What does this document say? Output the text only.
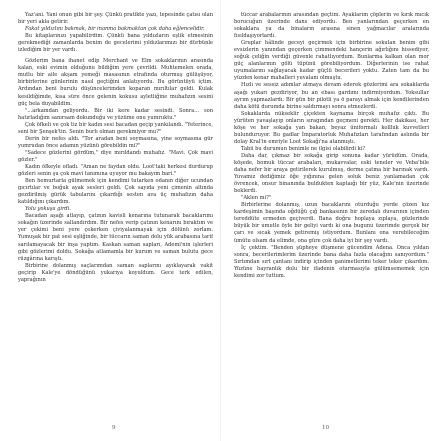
Yaz'ani. Yani onun gibi bir şey. Çünkü pratikte yazı, tepesinde çatısı olan bir yeri akla getirir.

Fakat yıldızlını bakmak, bir inanma bakmaktan çok daha eğlencelidir.

Bu kitaplarınızı yapabilirdim. Çünkü bana yıldızların eşlik etmesinin gerekmediği zamanlarda benim de gecelerimi yıldızlarımızı bir dürbünle izlediğim bir yer vardı.

Gözlerim bana ihanet edip Merchant ve Elm sokaklarının arasında kalan, eski evimin olduğunu bildiğim yere çevrildi. Muhtemelen orada, mutlu bir aile akşam yemeği masasının etrafında oturmuş gülüşüyor, birbirlerine günlerinin nasıl geçtiğini anlatıyordu. Bu görüntüyü içtim. Ardından beni burulu düşüncelerimden koparan mırıltılar geldi. Kulak kesildiğimde, kısa süre önce gelenin kokusu ayletliğine muhafızın sesini güç bela duyabildim.

"...arkamdan geliyordu. Bir iki kere kadar sesindi. Sonra... son hatırladığım sanırsam dokunduğu ve yüzüme onu yumruktu."

Çok öfkeli ve çok tiz bir kadın sesi bacadan geçip yankılandı. "Yeterince, seni bir Şenşek'tin. Senin burlı olman gerekmiyor mu?"

Derin bir nefes aldı. "Tor aradan beni soymasına, yine soymasına gür yumrudan önce adamın yüzünü görebildin mi?"

"Sadece gözlerini gördüm," diye mırıldandı muhafız. "Mavi. Çok mavi gözler."

Kadın öfkeyle ofladı. "Aman ne faydan oldu. Loot'taki herkesi durdurup gözleri senin şu çok mavi tanımına uyuyor mu bakayım bari."

Ben hemurtarla gülmemek için kendimi tutarken odanın diğer ucundan gıcırtılar ve boğuk ayak sesleri geldi. Çok sayıda yeni çimenin altında gezdirilmiş gürük tabularını çıkardığı sesten ava üç muhafızın daha katıldığını çıkardım.

Yolu yokuşa girdi.

Bacadan aşağı atlayıp, çatının kavisli kenarına tutunarak bacaklarımı sokağın üzerinde sallandırdım. Bir nefes verip çatının kenarını bıraktım ve yer çekimi beni yere çekerken çiviyalanmayak için dölünü zorlam. Yumuşak bir pat sesi eşliğinde, bir tüccarın saman dolu yük arabasına tarif sarılamayacak bir inşa yaptım. Kaskan saman sapları, Ademi'nin işlerleri gibi gözlerimi doldu. Sokağa atlamamla bir kurum ve saman bulutu gece rüzgârına karıştı.

Birbirine dolanmış saçlarımdan saman saplarını ayıklayarak vakit geçirip Kale'ye döndüğünü yukarıya koyuldum. Gece terk edilen, yaprağının

tüccar arabalarının arasından geçtim. Ayaklarım çöplerin ve kırık mıcık borucuğun üzerinde dans ediyordu. Ben yanlarından geçerken en sokaklara ya da binaların arasına sinen yağmacılar aralarında fısıldaşıyorlardı.

Gruplar hâlinde geceyi geçirmek için birbirine sokulan benim gibi evsizlerin yanından geçerken çimmendeki hançerin ağırlığını hissediyor, soğuk çeliğin verdiği güvenle rahatlıyordum. Bunlarma kalkan olan mor güç alanlarının gölü tüpünü görebiliyordum. Diğerlerinin ise rahat uyumalarını sağlayacak kadar güçlü becerileri yoktu. Zaten tam da bu yüzden kenar mahalleri yuvalanı olmuştu.

Hızlı ve sessiz adımlar atmaya devam ederek gözlerimi ara sokaklarda aşağı yukarı gezdiriyor, bu an ebası gardımı indirmiyordum. Yoksullar ayrım yapmazlardı. Bir gün bir pilotli ya ö parayı almak için kendilerinden daha kötü durumda birine saldırmayı sonra etmezlerdi.

Sokaklarda nükseklir çiçekten kaynama birçok muhafız çıktı. Bu yürüten yavaşlayıp onların sıragından geçmeni gerekti. Her dakikası, her köşe ve her sokağa yan bakan, beyaz üniformalı kollluk kuvvetleri bulunduruyor. Bu gadlar İmparatorluk Muhafızları tarafından aslında bir dolay Kral'in emriyle Loot Sokağı'na atanmıştı.

Tabii bu durumun benimle ne ilgisi olabilirdi ki?

Daha dar, çıkmaz bir sokağa girip sonuna kadar yürüdüm. Orada, köşede, bomuk tüccar arabaları, mukavvalar, eski teneler ve Veba'bile daha nefer bir araya getirilerek kurulmuş, derme çatma bir barınak vardı. Yuvamız dediğimiz öğe yığınına gelen soluk beniz yanlamadan çok övrencek, onsur binanında buldukten kaptaığı bir yüz, Kale'nin üzerinde beklerdi.

"Aklen mi?"

Birbirlerine dolanmış, uzun bacaklarını oturduğu yerde çözen kız kardeşimin başında oğdüğü çığ bankasının bir zeredalı duvarının içinden tereddüte ermeden geçiverdi. Bana doğru hoplaya zıplaya, gözlerinde büyük bir umutle öyle bir geliyi vardı ki ona bugunu üzerimde gerçek bir çarı ve sıcak yemek getiremiş istiyordum. Bunlanı ona verebileceğim ümütu olsam da elimde, ona güre çok daha iyi bir şey vardı.

İç çektim. "Benden şüpheye düşmene gücendim Adena. Onca yıldan sonra, becerilerimlerim üzerinde bana daha fazla olacağını sanıyordum." Sırtımdan sırt çantanı indirip içinden ganimetlerimi teker teker çıkardım. Yüzüne hayranlık dolu bir ifadenin oturmasıyla gülümsememek için kendimi zor tuttum.

9	10
